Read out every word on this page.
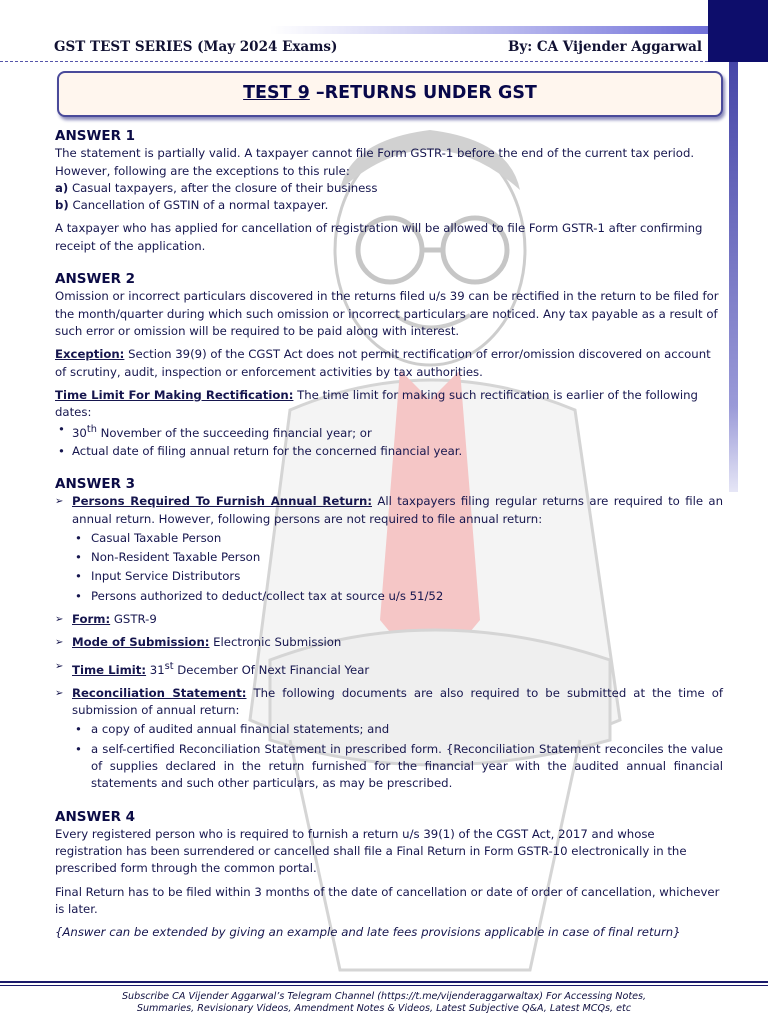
GST TEST SERIES (May 2024 Exams)	By: CA Vijender Aggarwal
TEST 9 –RETURNS UNDER GST
ANSWER 1

The statement is partially valid. A taxpayer cannot file Form GSTR-1 before the end of the current tax period. However, following are the exceptions to this rule:

a) Casual taxpayers, after the closure of their business
b) Cancellation of GSTIN of a normal taxpayer.

A taxpayer who has applied for cancellation of registration will be allowed to file Form GSTR-1 after confirming receipt of the application.

ANSWER 2

Omission or incorrect particulars discovered in the returns filed u/s 39 can be rectified in the return to be filed for the month/quarter during which such omission or incorrect particulars are noticed. Any tax payable as a result of such error or omission will be required to be paid along with interest.

Exception: Section 39(9) of the CGST Act does not permit rectification of error/omission discovered on account of scrutiny, audit, inspection or enforcement activities by tax authorities.

Time Limit For Making Rectification: The time limit for making such rectification is earlier of the following dates:

• 30th November of the succeeding financial year; or
• Actual date of filing annual return for the concerned financial year.
ANSWER 3
➢ Persons Required To Furnish Annual Return: All taxpayers filing regular returns are required to file an annual return. However, following persons are not required to file annual return:
• Casual Taxable Person
• Non-Resident Taxable Person
• Input Service Distributors
• Persons authorized to deduct/collect tax at source u/s 51/52
➢ Form: GSTR-9
➢ Mode of Submission: Electronic Submission
➢ Time Limit: 31st December Of Next Financial Year
➢ Reconciliation Statement: The following documents are also required to be submitted at the time of submission of annual return:
• a copy of audited annual financial statements; and
• a self-certified Reconciliation Statement in prescribed form. {Reconciliation Statement reconciles the value of supplies declared in the return furnished for the financial year with the audited annual financial statements and such other particulars, as may be prescribed.
ANSWER 4

Every registered person who is required to furnish a return u/s 39(1) of the CGST Act, 2017 and whose registration has been surrendered or cancelled shall file a Final Return in Form GSTR-10 electronically in the prescribed form through the common portal.

Final Return has to be filed within 3 months of the date of cancellation or date of order of cancellation, whichever is later.

{Answer can be extended by giving an example and late fees provisions applicable in case of final return}

Subscribe CA Vijender Aggarwal’s Telegram Channel (https://t.me/vijenderaggarwaltax) For Accessing Notes,
Summaries, Revisionary Videos, Amendment Notes & Videos, Latest Subjective Q&A, Latest MCQs, etc
